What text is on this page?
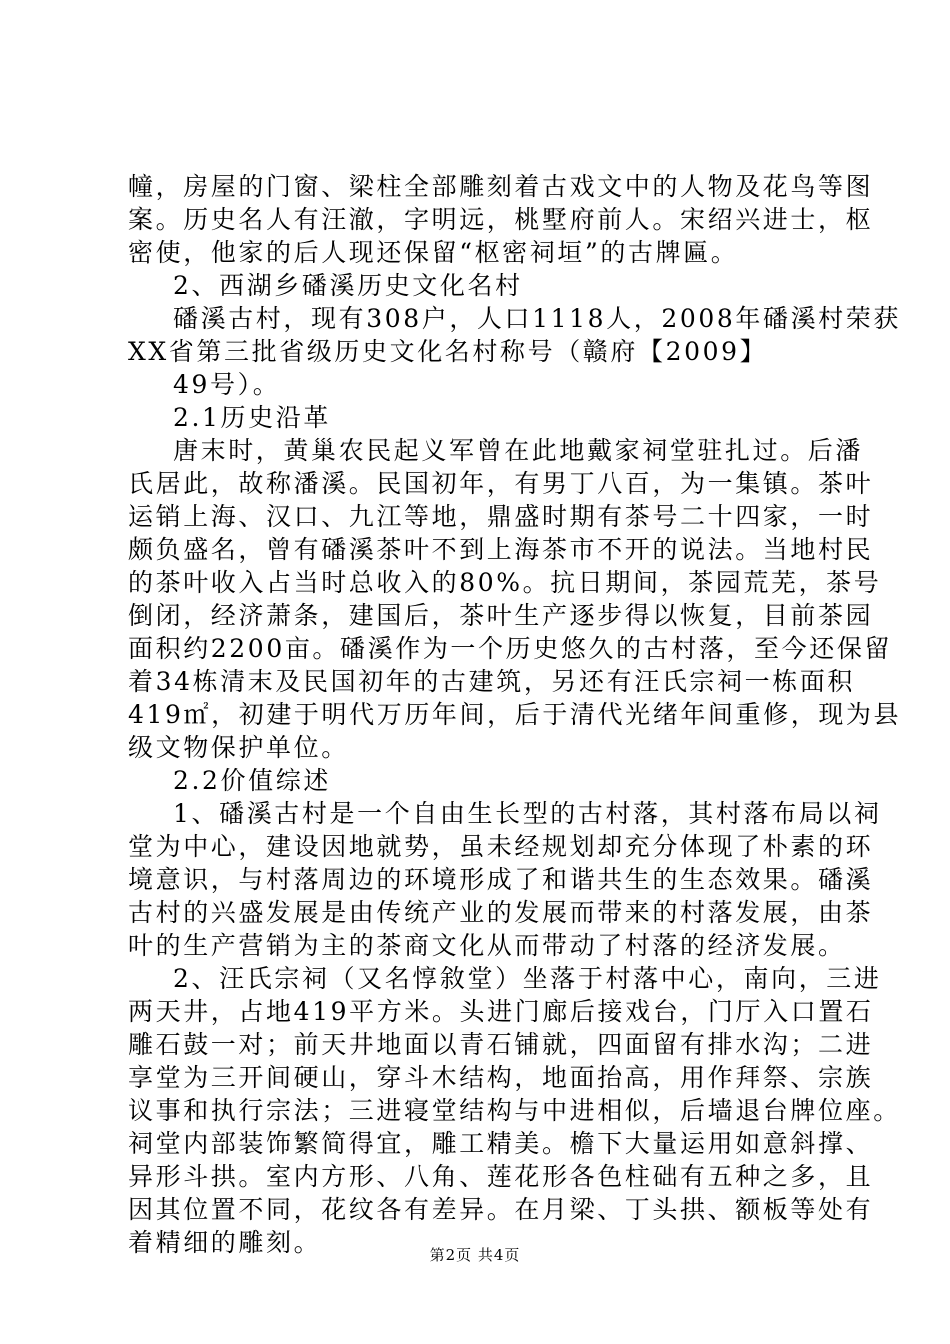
幢，房屋的门窗、梁柱全部雕刻着古戏文中的人物及花鸟等图
案。历史名人有汪澈，字明远，桃墅府前人。宋绍兴进士，枢
密使，他家的后人现还保留“枢密祠垣”的古牌匾。
2、西湖乡磻溪历史文化名村
磻溪古村，现有308户，人口1118人，2008年磻溪村荣获
XX省第三批省级历史文化名村称号（赣府【2009】
49号）。
2.1历史沿革
唐末时，黄巢农民起义军曾在此地戴家祠堂驻扎过。后潘
氏居此，故称潘溪。民国初年，有男丁八百，为一集镇。茶叶
运销上海、汉口、九江等地，鼎盛时期有茶号二十四家，一时
颇负盛名，曾有磻溪茶叶不到上海茶市不开的说法。当地村民
的茶叶收入占当时总收入的80%。抗日期间，茶园荒芜，茶号
倒闭，经济萧条，建国后，茶叶生产逐步得以恢复，目前茶园
面积约2200亩。磻溪作为一个历史悠久的古村落，至今还保留
着34栋清末及民国初年的古建筑，另还有汪氏宗祠一栋面积
419㎡，初建于明代万历年间，后于清代光绪年间重修，现为县
级文物保护单位。
2.2价值综述
1、磻溪古村是一个自由生长型的古村落，其村落布局以祠
堂为中心，建设因地就势，虽未经规划却充分体现了朴素的环
境意识，与村落周边的环境形成了和谐共生的生态效果。磻溪
古村的兴盛发展是由传统产业的发展而带来的村落发展，由茶
叶的生产营销为主的茶商文化从而带动了村落的经济发展。
2、汪氏宗祠（又名惇敘堂）坐落于村落中心，南向，三进
两天井，占地419平方米。头进门廊后接戏台，门厅入口置石
雕石鼓一对；前天井地面以青石铺就，四面留有排水沟；二进
享堂为三开间硬山，穿斗木结构，地面抬高，用作拜祭、宗族
议事和执行宗法；三进寝堂结构与中进相似，后墙退台牌位座。
祠堂内部装饰繁简得宜，雕工精美。檐下大量运用如意斜撑、
异形斗拱。室内方形、八角、莲花形各色柱础有五种之多，且
因其位置不同，花纹各有差异。在月梁、丁头拱、额板等处有
着精细的雕刻。	第2页 共4页
